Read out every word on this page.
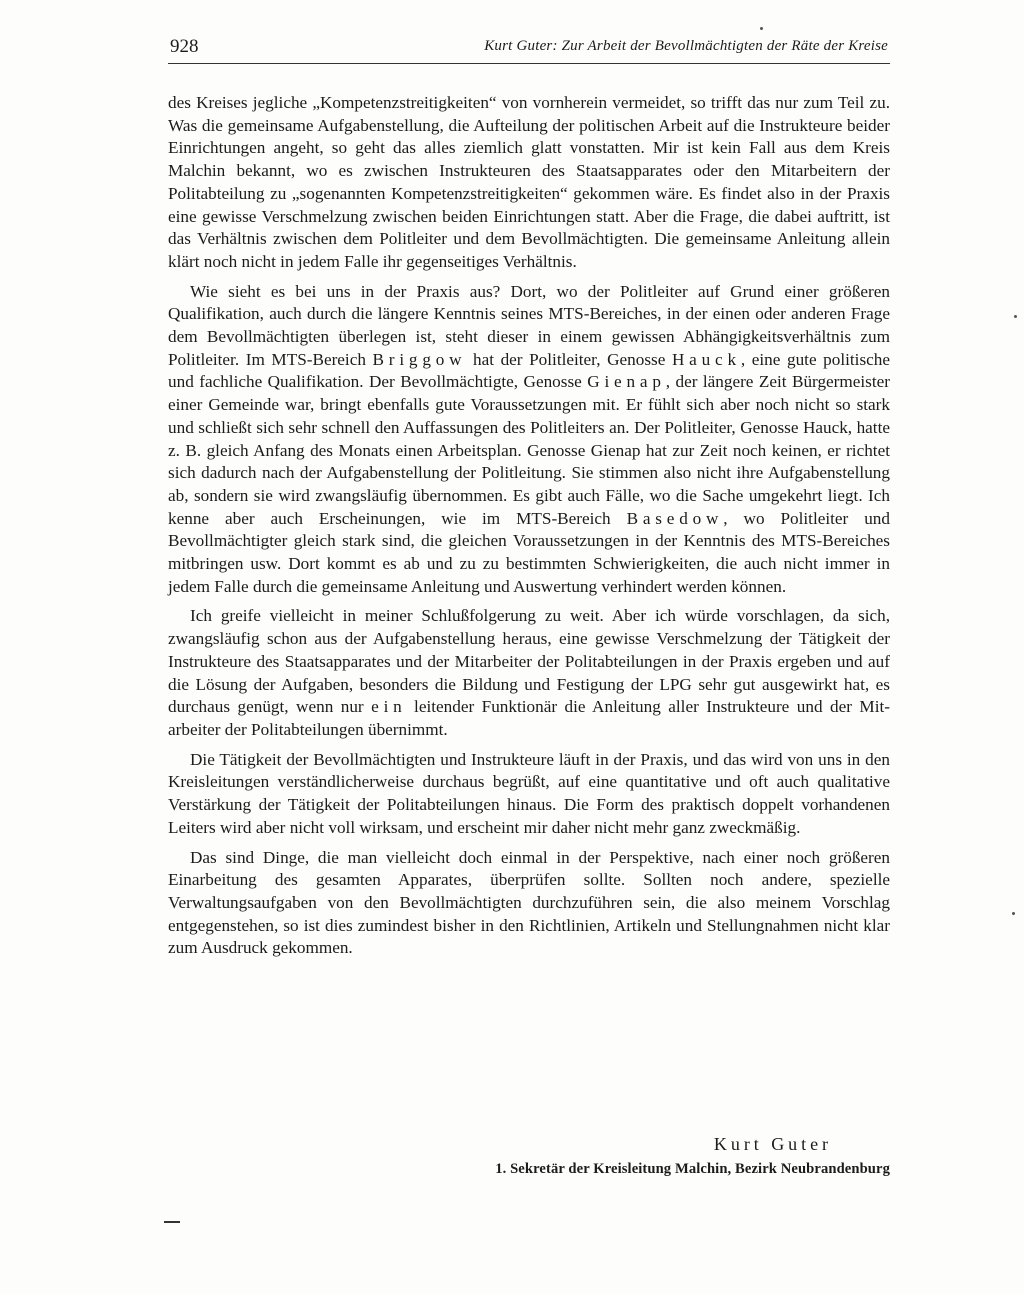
928	Kurt Guter: Zur Arbeit der Bevollmächtigten der Räte der Kreise

des Kreises jegliche „Kompetenzstreitigkeiten“ von vornherein vermeidet, so trifft das nur zum Teil zu. Was die gemeinsame Aufgabenstellung, die Aufteilung der politischen Arbeit auf die Instrukteure beider Einrichtungen angeht, so geht das alles ziemlich glatt vonstatten. Mir ist kein Fall aus dem Kreis Malchin bekannt, wo es zwischen Instrukteuren des Staatsapparates oder den Mitarbeitern der Politabteilung zu „sogenannten Kompetenzstreitigkeiten“ gekommen wäre. Es findet also in der Praxis eine gewisse Verschmelzung zwischen beiden Einrichtungen statt. Aber die Frage, die dabei auftritt, ist das Verhältnis zwischen dem Politleiter und dem Bevollmächtigten. Die gemeinsame Anleitung allein klärt noch nicht in jedem Falle ihr gegenseitiges Verhältnis.

Wie sieht es bei uns in der Praxis aus? Dort, wo der Politleiter auf Grund einer größeren Qualifikation, auch durch die längere Kenntnis seines MTS-Bereiches, in der einen oder anderen Frage dem Bevollmächtigten überlegen ist, steht dieser in einem gewissen Abhängigkeitsverhältnis zum Politleiter. Im MTS-Bereich Briggow hat der Politleiter, Genosse Hauck, eine gute politische und fachliche Qualifikation. Der Bevollmächtigte, Genosse Gienap, der längere Zeit Bürgermeister einer Gemeinde war, bringt ebenfalls gute Voraussetzungen mit. Er fühlt sich aber noch nicht so stark und schließt sich sehr schnell den Auffassungen des Politleiters an. Der Politleiter, Genosse Hauck, hatte z. B. gleich Anfang des Monats einen Arbeitsplan. Genosse Gienap hat zur Zeit noch keinen, er richtet sich dadurch nach der Aufgabenstellung der Politleitung. Sie stimmen also nicht ihre Aufgabenstellung ab, sondern sie wird zwangsläufig übernommen. Es gibt auch Fälle, wo die Sache umgekehrt liegt. Ich kenne aber auch Erscheinungen, wie im MTS-Bereich Basedow, wo Politleiter und Bevollmächtigter gleich stark sind, die gleichen Voraussetzungen in der Kenntnis des MTS-Bereiches mitbringen usw. Dort kommt es ab und zu zu bestimmten Schwierigkeiten, die auch nicht immer in jedem Falle durch die gemeinsame Anleitung und Auswertung verhindert werden können.

Ich greife vielleicht in meiner Schlußfolgerung zu weit. Aber ich würde vorschlagen, da sich, zwangsläufig schon aus der Aufgabenstellung heraus, eine gewisse Verschmelzung der Tätigkeit der Instrukteure des Staatsapparates und der Mitarbeiter der Politabteilungen in der Praxis ergeben und auf die Lösung der Aufgaben, besonders die Bildung und Festigung der LPG sehr gut ausgewirkt hat, es durchaus genügt, wenn nur ein leitender Funktionär die Anleitung aller Instrukteure und der Mitarbeiter der Politabteilungen übernimmt.

Die Tätigkeit der Bevollmächtigten und Instrukteure läuft in der Praxis, und das wird von uns in den Kreisleitungen verständlicherweise durchaus begrüßt, auf eine quantitative und oft auch qualitative Verstärkung der Tätigkeit der Politabteilungen hinaus. Die Form des praktisch doppelt vorhandenen Leiters wird aber nicht voll wirksam, und erscheint mir daher nicht mehr ganz zweckmäßig.

Das sind Dinge, die man vielleicht doch einmal in der Perspektive, nach einer noch größeren Einarbeitung des gesamten Apparates, überprüfen sollte. Sollten noch andere, spezielle Verwaltungsaufgaben von den Bevollmächtigten durchzuführen sein, die also meinem Vorschlag entgegenstehen, so ist dies zumindest bisher in den Richtlinien, Artikeln und Stellungnahmen nicht klar zum Ausdruck gekommen.

Kurt Guter
1. Sekretär der Kreisleitung Malchin, Bezirk Neubrandenburg
